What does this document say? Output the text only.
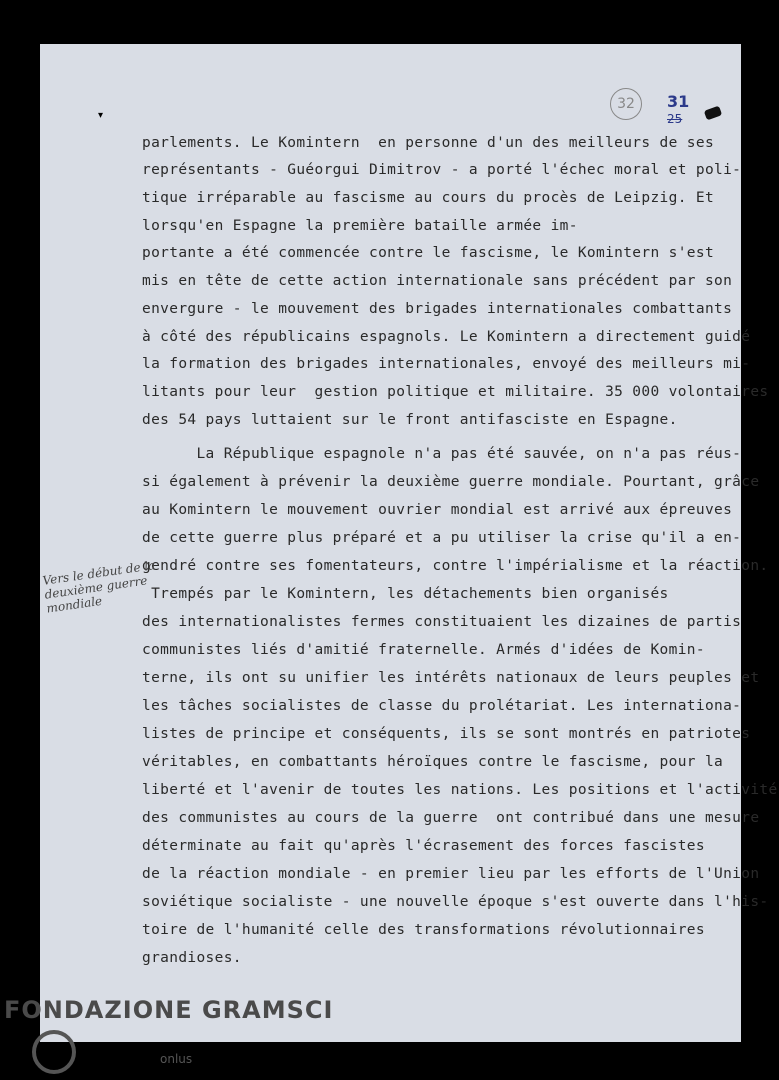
32	31
25
▾
parlements. Le Komintern  en personne d'un des meilleurs de ses
représentants - Guéorgui Dimitrov - a porté l'échec moral et poli-
tique irréparable au fascisme au cours du procès de Leipzig. Et
lorsqu'en Espagne la première bataille armée im-
portante a été commencée contre le fascisme, le Komintern s'est
mis en tête de cette action internationale sans précédent par son
envergure - le mouvement des brigades internationales combattants
à côté des républicains espagnols. Le Komintern a directement guidé
la formation des brigades internationales, envoyé des meilleurs mi-
litants pour leur  gestion politique et militaire. 35 000 volontaires
des 54 pays luttaient sur le front antifasciste en Espagne.
La République espagnole n'a pas été sauvée, on n'a pas réus-
si également à prévenir la deuxième guerre mondiale. Pourtant, grâce
au Komintern le mouvement ouvrier mondial est arrivé aux épreuves
de cette guerre plus préparé et a pu utiliser la crise qu'il a en-
gendré contre ses fomentateurs, contre l'impérialisme et la réaction.
Trempés par le Komintern, les détachements bien organisés
des internationalistes fermes constituaient les dizaines de partis
communistes liés d'amitié fraternelle. Armés d'idées de Komin-
terne, ils ont su unifier les intérêts nationaux de leurs peuples et
les tâches socialistes de classe du prolétariat. Les internationa-
listes de principe et conséquents, ils se sont montrés en patriotes
véritables, en combattants héroïques contre le fascisme, pour la
liberté et l'avenir de toutes les nations. Les positions et l'activité
des communistes au cours de la guerre  ont contribué dans une mesure
déterminate au fait qu'après l'écrasement des forces fascistes
de la réaction mondiale - en premier lieu par les efforts de l'Union
soviétique socialiste - une nouvelle époque s'est ouverte dans l'his-
toire de l'humanité celle des transformations révolutionnaires
grandioses.
Vers le début de la deuxième guerre mondiale
FONDAZIONE GRAMSCI
onlus
